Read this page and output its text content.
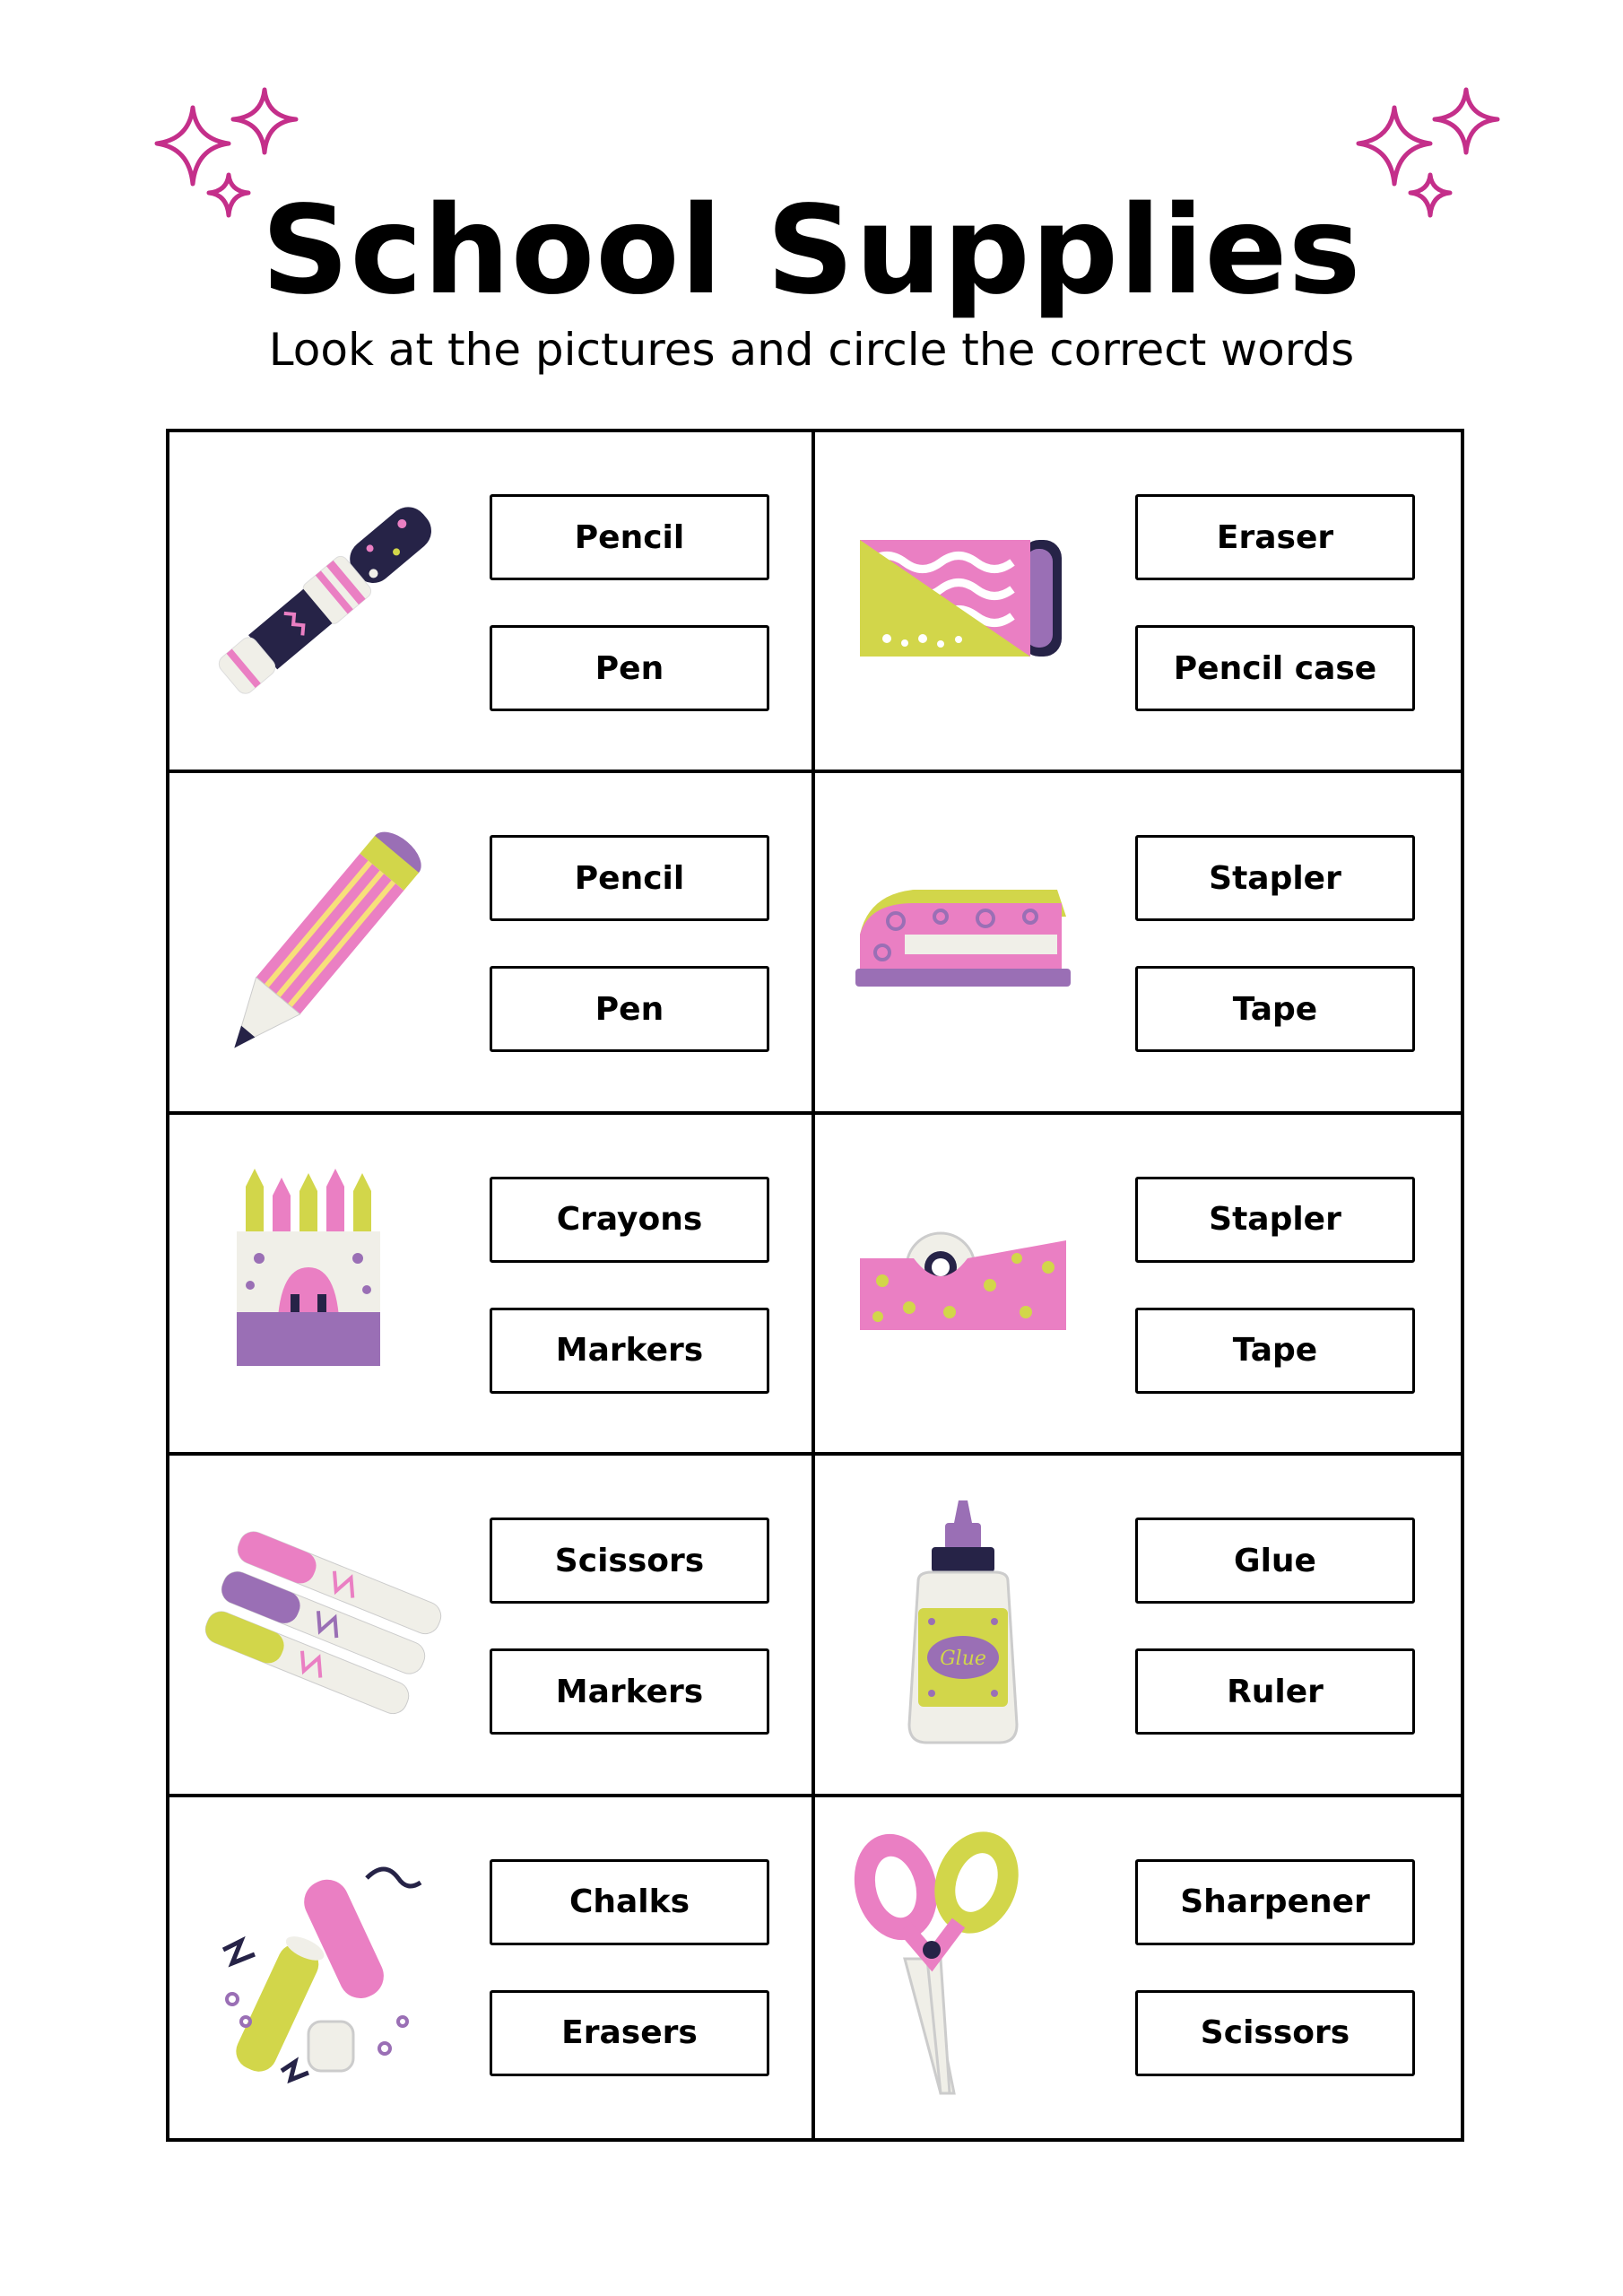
School Supplies
Look at the pictures and circle the correct words
Pencil
Pen
Eraser
Pencil case
Pencil
Pen
Stapler
Tape
Crayons
Markers
Stapler
Tape
Scissors
Markers
Glue
Glue
Ruler
Chalks
Erasers
Sharpener
Scissors
